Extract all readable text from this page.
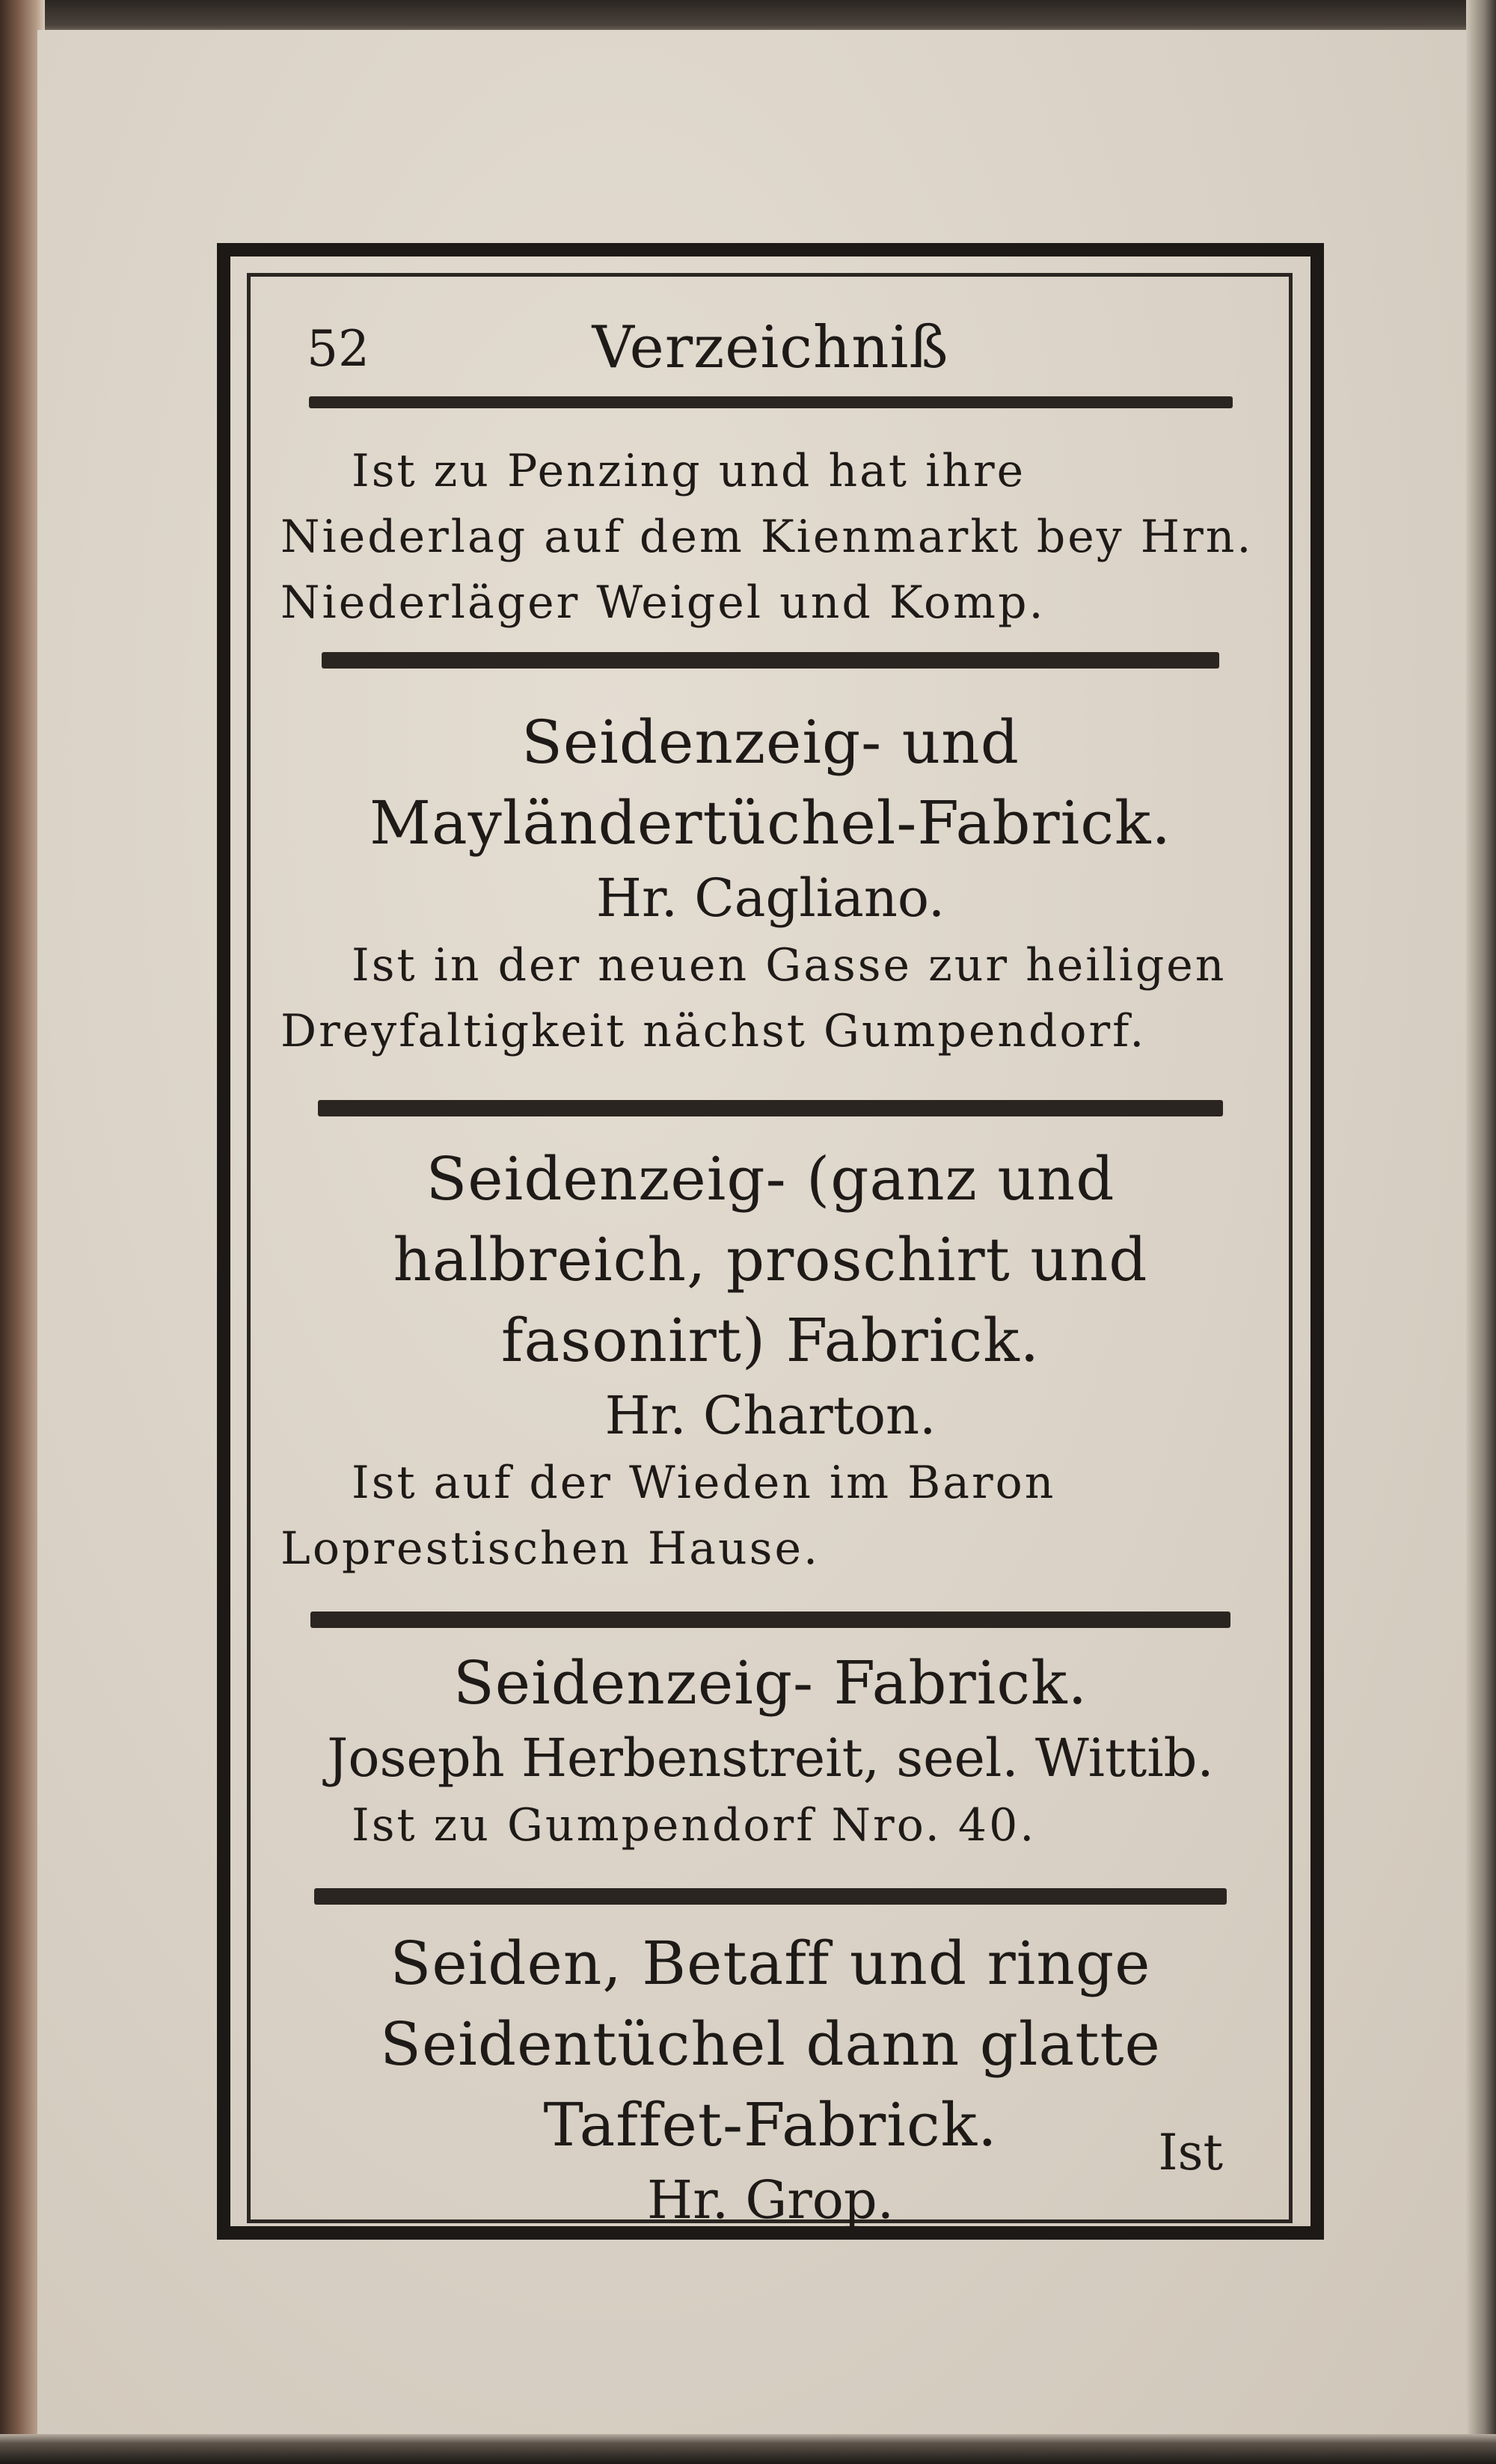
52	Verzeichniß

Ist zu Penzing und hat ihre Niederlag auf dem Kienmarkt bey Hrn. Niederläger Weigel und Komp.

Seidenzeig- und Mayländertüchel-Fabrick.

Hr. Cagliano.

Ist in der neuen Gasse zur heiligen Dreyfaltigkeit nächst Gumpendorf.

Seidenzeig- (ganz und halbreich, proschirt und fasonirt) Fabrick.

Hr. Charton.

Ist auf der Wieden im Baron Loprestischen Hause.

Seidenzeig- Fabrick.

Joseph Herbenstreit, seel. Wittib.

Ist zu Gumpendorf Nro. 40.

Seiden, Betaff und ringe Seidentüchel dann glatte Taffet-Fabrick.

Hr. Grop.

Ist
